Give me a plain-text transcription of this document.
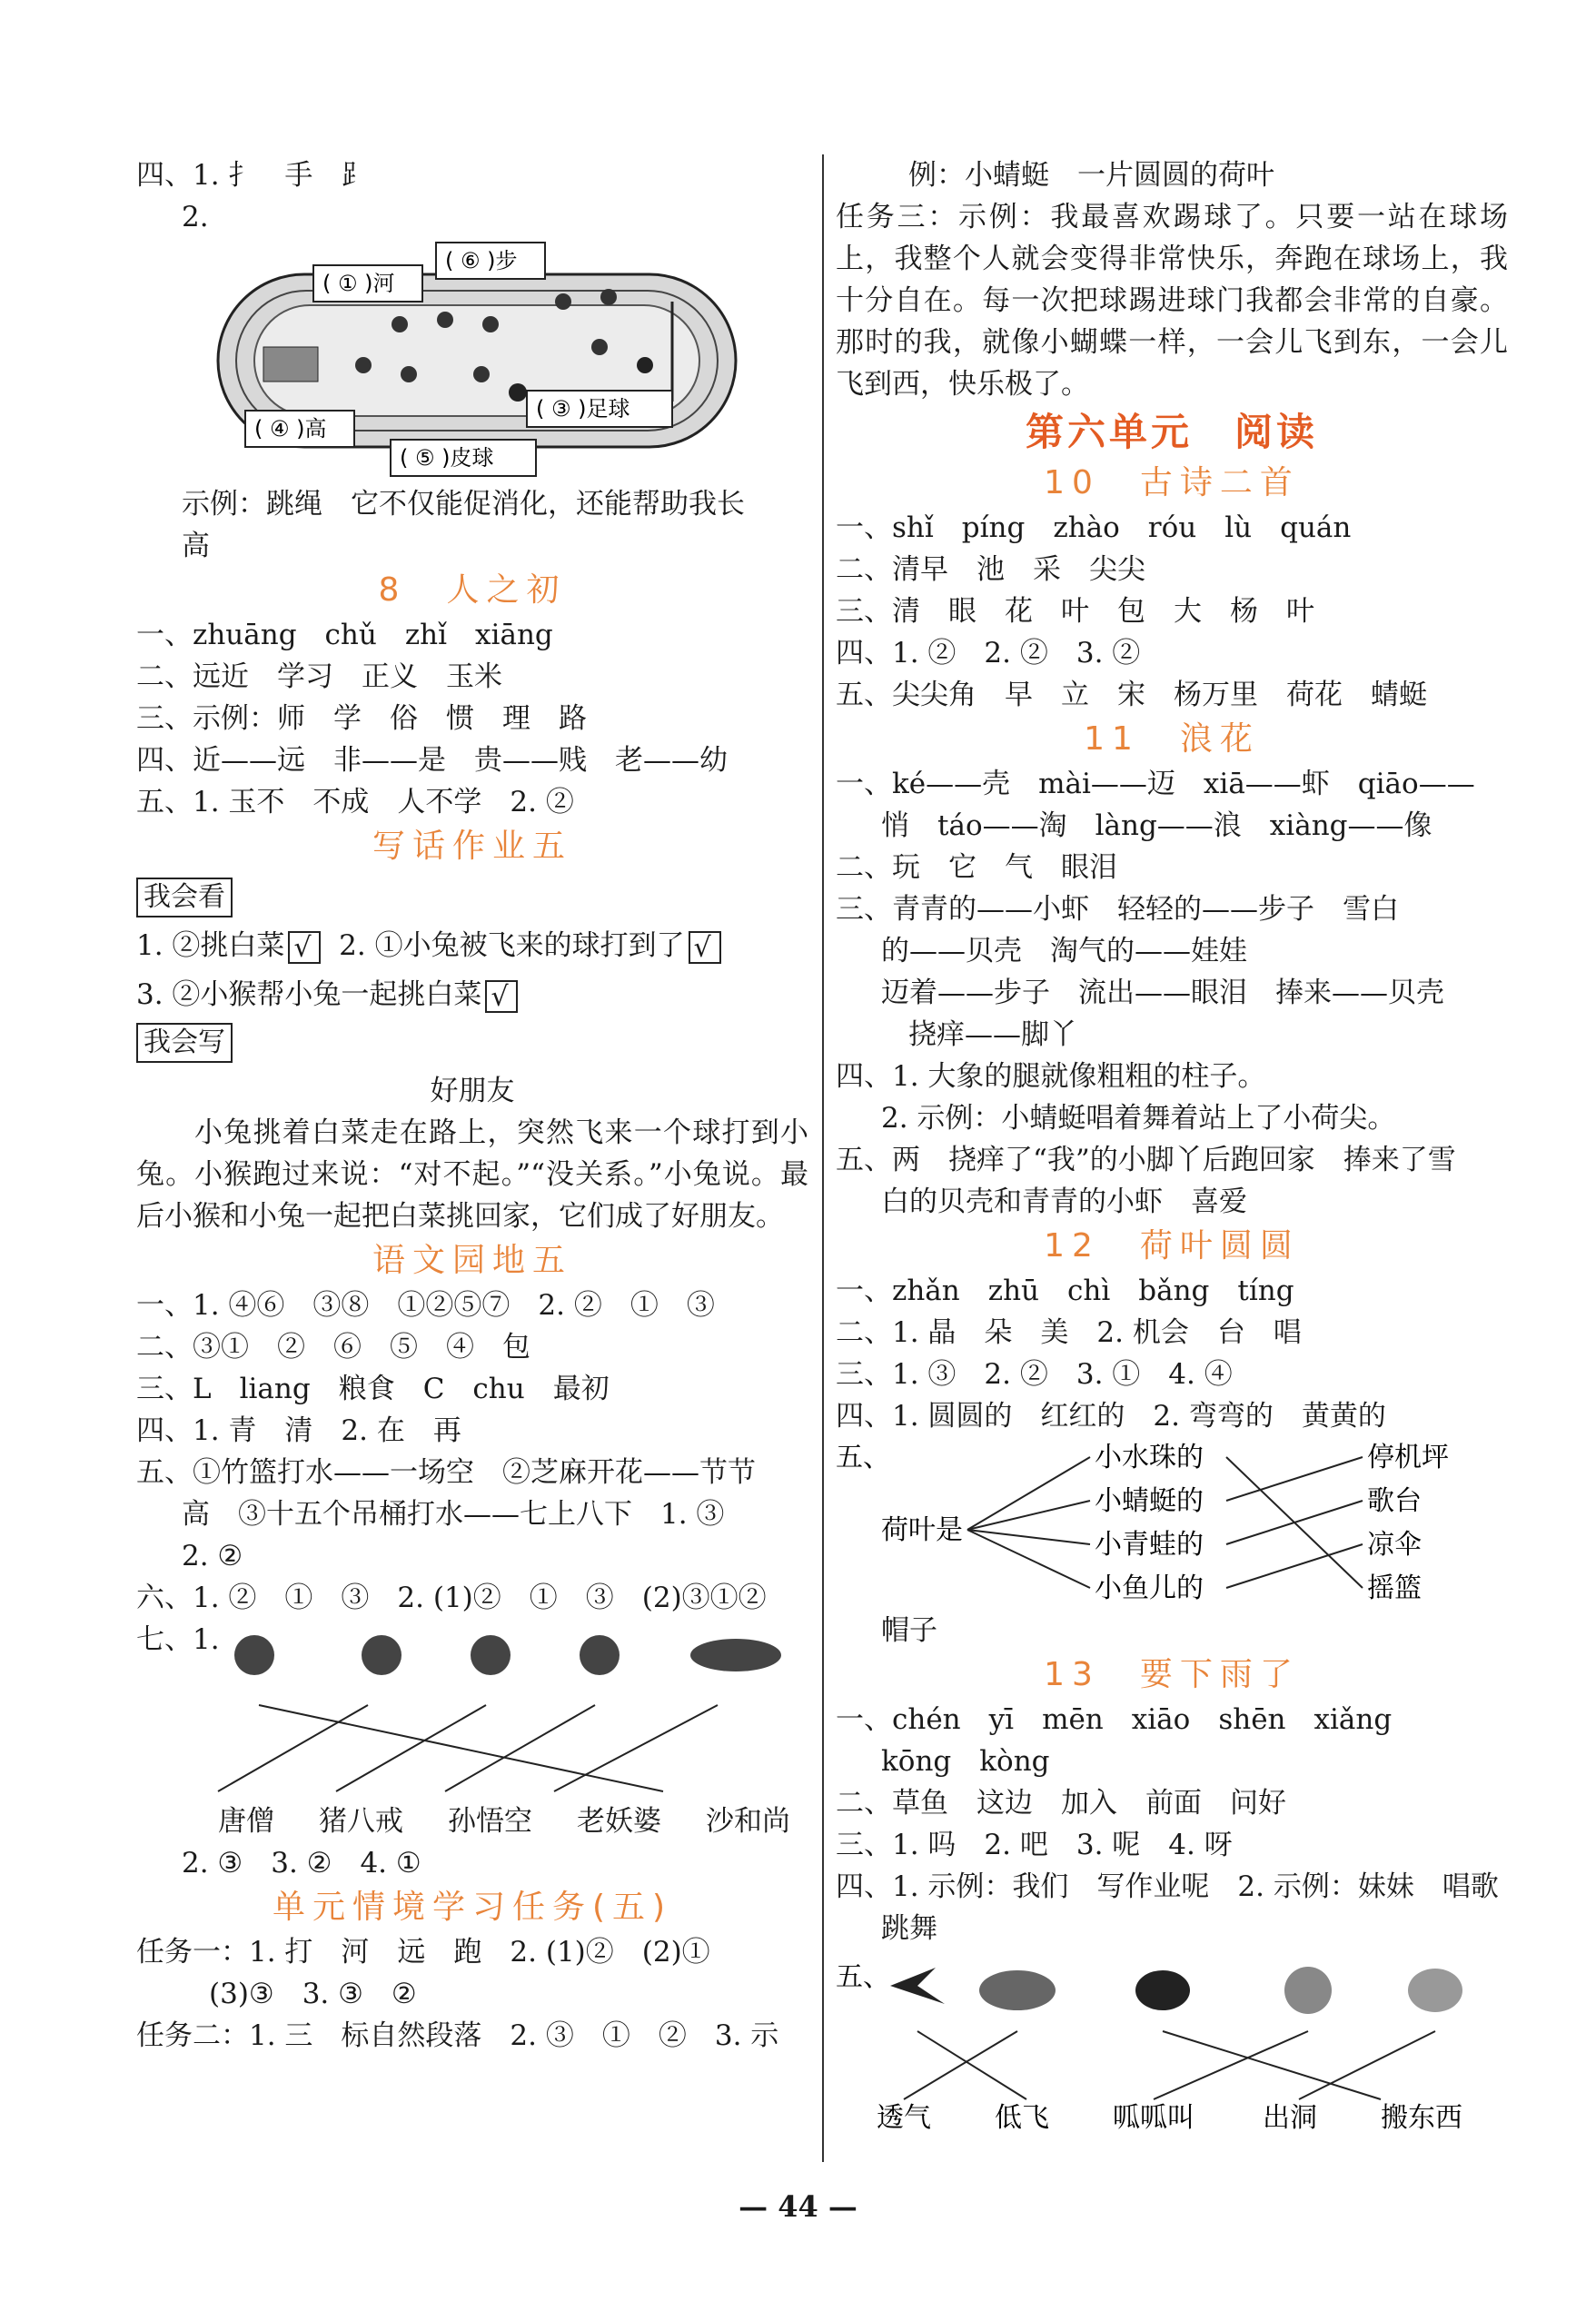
四、1. 扌　手　⻊
2.
( ① )河
( ⑥ )步
( ④ )高
( ③ )足球
( ⑤ )皮球
示例：跳绳　它不仅能促消化，还能帮助我长
高
8　人之初
一、zhuāng　chǔ　zhǐ　xiāng
二、远近　学习　正义　玉米
三、示例：师　学　俗　惯　理　路
四、近——远　非——是　贵——贱　老——幼
五、1. 玉不　不成　人不学　2. ②
写话作业五
我会看
1. ②挑白菜 √ 2. ①小兔被飞来的球打到了 √
3. ②小猴帮小兔一起挑白菜 √
我会写
好朋友
小兔挑着白菜走在路上，突然飞来一个球打到小兔。小猴跑过来说：“对不起。”“没关系。”小兔说。最后小猴和小兔一起把白菜挑回家，它们成了好朋友。
语文园地五
一、1. ④⑥　③⑧　①②⑤⑦　2. ②　①　③
二、③①　②　⑥　⑤　④　包
三、L　liang　粮食　C　chu　最初
四、1. 青　清　2. 在　再
五、①竹篮打水——一场空　②芝麻开花——节节
高　③十五个吊桶打水——七上八下　1. ③
2. ②
六、1. ②　①　③　2. (1)②　①　③　(2)③①②
七、1.
唐僧 猪八戒 孙悟空 老妖婆 沙和尚
2. ③　3. ②　4. ①
单元情境学习任务(五)
任务一：1. 打　河　远　跑　2. (1)②　(2)①
(3)③　3. ③　②
任务二：1. 三　标自然段落　2. ③　①　②　3. 示
例：小蜻蜓　一片圆圆的荷叶
任务三：示例：我最喜欢踢球了。只要一站在球场上，我整个人就会变得非常快乐，奔跑在球场上，我十分自在。每一次把球踢进球门我都会非常的自豪。那时的我，就像小蝴蝶一样，一会儿飞到东，一会儿飞到西，快乐极了。
第六单元　阅读
10　古诗二首
一、shǐ　píng　zhào　róu　lù　quán
二、清早　池　采　尖尖
三、清　眼　花　叶　包　大　杨　叶
四、1. ②　2. ②　3. ②
五、尖尖角　早　立　宋　杨万里　荷花　蜻蜓
11　浪花
一、ké——壳　mài——迈　xiā——虾　qiāo——
悄　táo——淘　làng——浪　xiàng——像
二、玩　它　气　眼泪
三、青青的——小虾　轻轻的——步子　雪白
的——贝壳　淘气的——娃娃
迈着——步子　流出——眼泪　捧来——贝壳
挠痒——脚丫
四、1. 大象的腿就像粗粗的柱子。
2. 示例：小蜻蜓唱着舞着站上了小荷尖。
五、两　挠痒了“我”的小脚丫后跑回家　捧来了雪
白的贝壳和青青的小虾　喜爱
12　荷叶圆圆
一、zhǎn　zhū　chì　bǎng　tíng
二、1. 晶　朵　美　2. 机会　台　唱
三、1. ③　2. ②　3. ①　4. ④
四、1. 圆圆的　红红的　2. 弯弯的　黄黄的
五、
荷叶是
小水珠的
小蜻蜓的
小青蛙的
小鱼儿的
停机坪
歌台
凉伞
摇篮
帽子
13　要下雨了
一、chén　yī　mēn　xiāo　shēn　xiǎng
kōng　kòng
二、草鱼　这边　加入　前面　问好
三、1. 吗　2. 吧　3. 呢　4. 呀
四、1. 示例：我们　写作业呢　2. 示例：妹妹　唱歌
跳舞
五、
透气 低飞 呱呱叫	出洞 搬东西
— 44 —
